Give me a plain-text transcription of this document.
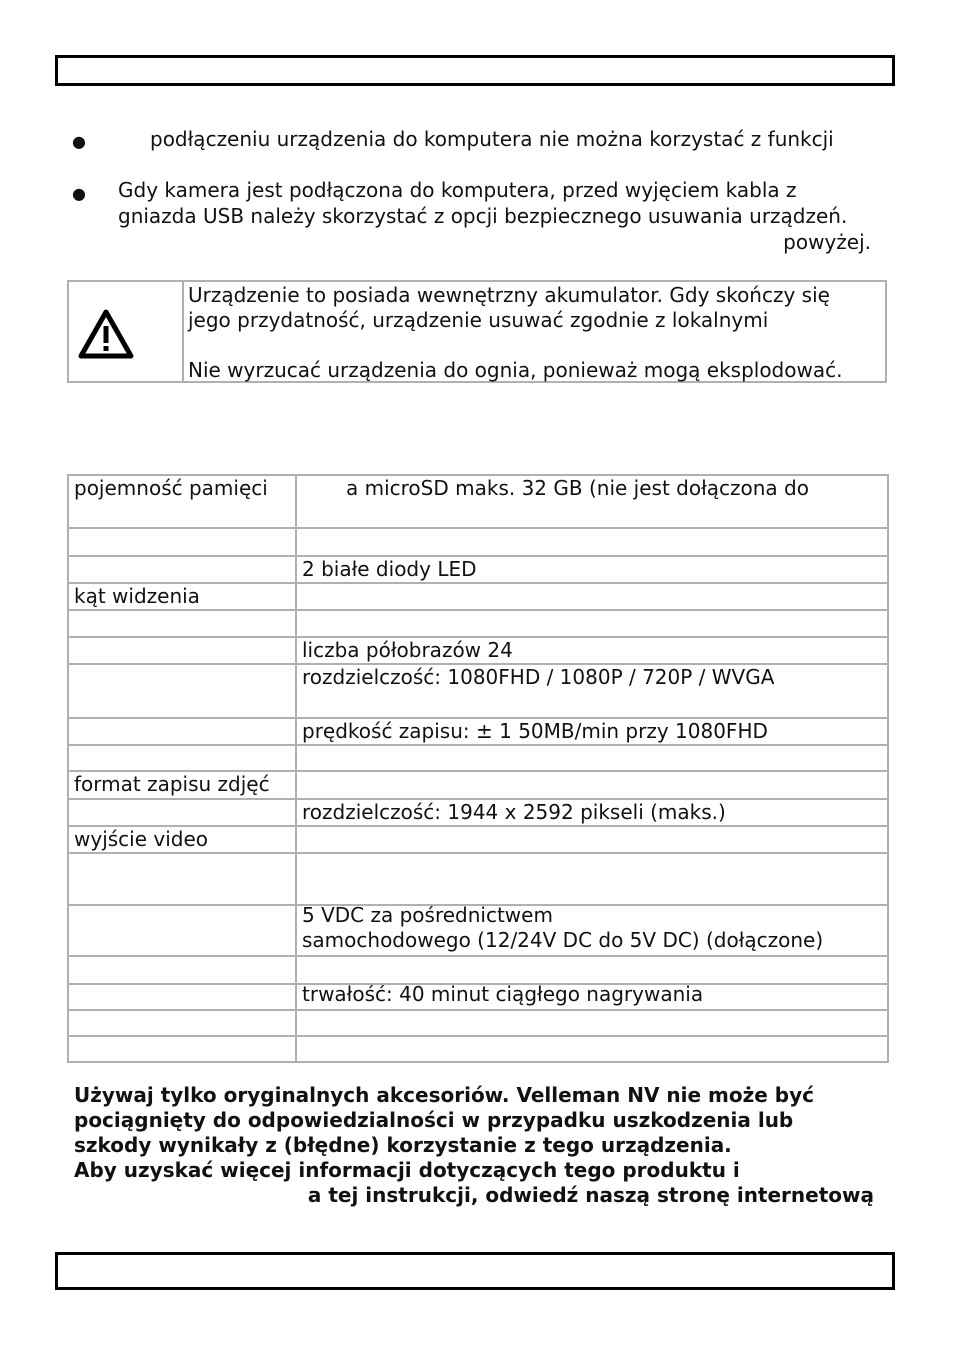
●	podłączeniu urządzenia do komputera nie można korzystać z funkcji
● Gdy kamera jest podłączona do komputera, przed wyjęciem kabla z
gniazda USB należy skorzystać z opcji bezpiecznego usuwania urządzeń.
powyżej.
Urządzenie to posiada wewnętrzny akumulator. Gdy skończy się
jego przydatność, urządzenie usuwać zgodnie z lokalnymi
Nie wyrzucać urządzenia do ognia, ponieważ mogą eksplodować.
pojemność pamięci	a microSD maks. 32 GB (nie jest dołączona do

	2 białe diody LED
kąt widzenia	

	liczba półobrazów 24
	rozdzielczość: 1080FHD / 1080P / 720P / WVGA
	prędkość zapisu: ± 1 50MB/min przy 1080FHD

format zapisu zdjęć	
	rozdzielczość: 1944 x 2592 pikseli (maks.)
wyjście video	

	5 VDC za pośrednictwem
samochodowego (12/24V DC do 5V DC) (dołączone)

	trwałość: 40 minut ciągłego nagrywania

Używaj tylko oryginalnych akcesoriów. Velleman NV nie może być
pociągnięty do odpowiedzialności w przypadku uszkodzenia lub
szkody wynikały z (błędne) korzystanie z tego urządzenia.
Aby uzyskać więcej informacji dotyczących tego produktu i
a tej instrukcji, odwiedź naszą stronę internetową
